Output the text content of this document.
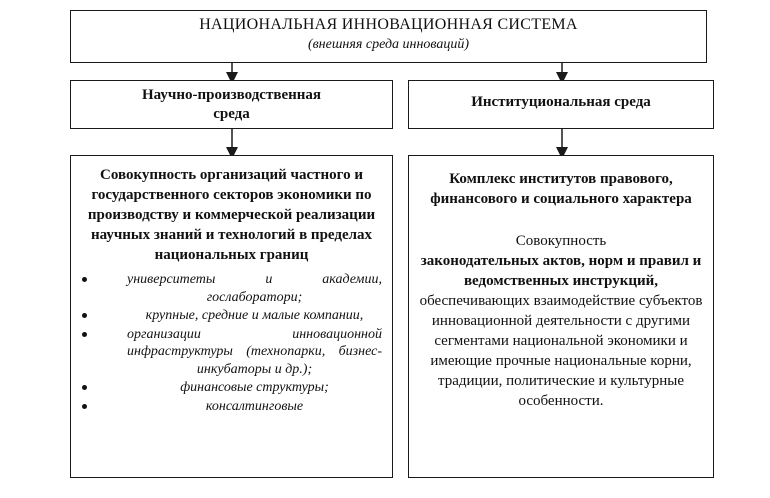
НАЦИОНАЛЬНАЯ ИННОВАЦИОННАЯ СИСТЕМА
(внешняя среда инноваций)
Научно-производственная
среда
Институциональная среда
Совокупность организаций частного и государственного секторов экономики по производству и коммерческой реализации научных знаний и технологий в пределах национальных границ
университеты и академии, гослаборатори;
крупные, средние и малые компании,
организации инновационной инфраструктуры (технопарки, бизнес-инкубаторы и др.);
финансовые структуры;
консалтинговые
Комплекс институтов правового, финансового и социального характера
Совокупность
законодательных актов, норм и правил и ведомственных инструкций,
обеспечивающих взаимодействие субъектов инновационной деятельности с другими сегментами национальной экономики и имеющие прочные национальные корни, традиции, политические и культурные особенности.
